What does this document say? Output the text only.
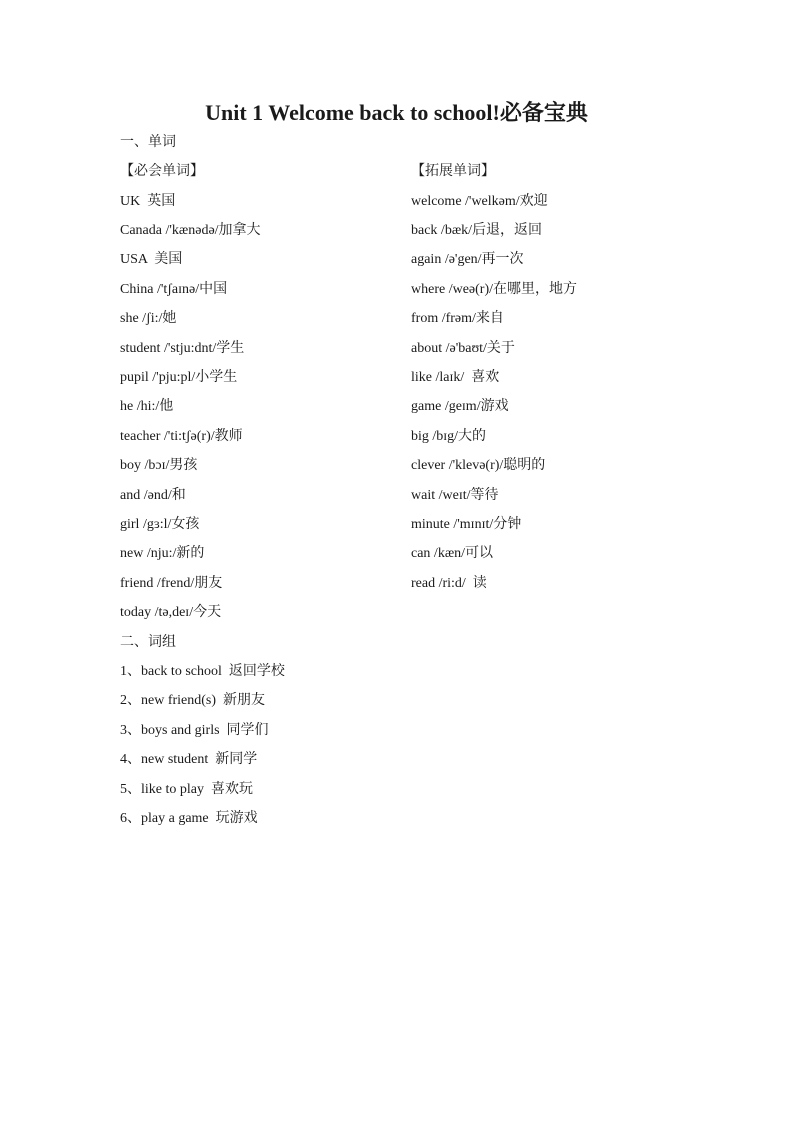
Unit 1 Welcome back to school!必备宝典
一、单词
【必会单词】	【拓展单词】
UK  英国
Canada /'kænədə/加拿大
USA  美国
China /'tʃaɪnə/中国
she /ʃi:/她
student /'stju:dnt/学生
pupil /'pju:pl/小学生
he /hi:/他
teacher /'ti:tʃə(r)/教师
boy /bɔɪ/男孩
and /ənd/和
girl /gɜ:l/女孩
new /nju:/新的
friend /frend/朋友
today /tə,deɪ/今天
welcome /'welkəm/欢迎
back /bæk/后退，返回
again /ə'gen/再一次
where /weə(r)/在哪里，地方
from /frəm/来自
about /ə'baʊt/关于
like /laɪk/  喜欢
game /geɪm/游戏
big /bɪg/大的
clever /'klevə(r)/聪明的
wait /weɪt/等待
minute /'mɪnɪt/分钟
can /kæn/可以
read /ri:d/  读
二、词组
1、back to school  返回学校
2、new friend(s)  新朋友
3、boys and girls  同学们
4、new student  新同学
5、like to play  喜欢玩
6、play a game  玩游戏
